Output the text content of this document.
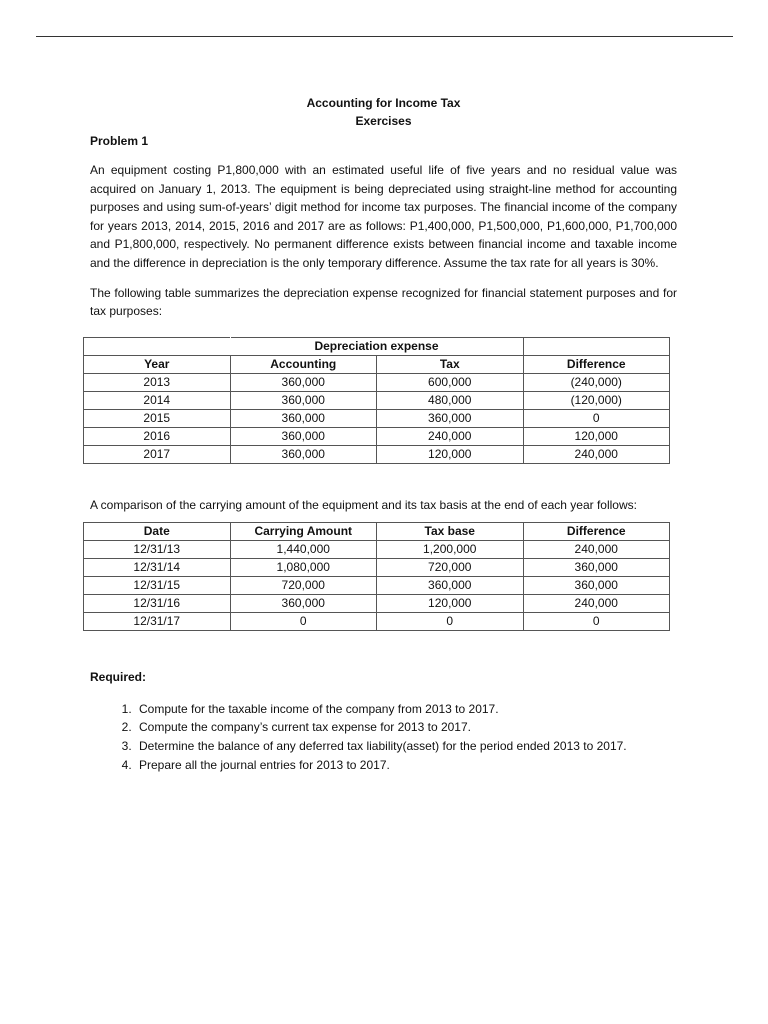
Accounting for Income Tax
Exercises
Problem 1

An equipment costing P1,800,000 with an estimated useful life of five years and no residual value was acquired on January 1, 2013. The equipment is being depreciated using straight-line method for accounting purposes and using sum-of-years’ digit method for income tax purposes. The financial income of the company for years 2013, 2014, 2015, 2016 and 2017 are as follows: P1,400,000, P1,500,000, P1,600,000, P1,700,000 and P1,800,000, respectively. No permanent difference exists between financial income and taxable income and the difference in depreciation is the only temporary difference. Assume the tax rate for all years is 30%.

The following table summarizes the depreciation expense recognized for financial statement purposes and for tax purposes:

	Depreciation expense		
Year	Accounting	Tax	Difference
2013	360,000	600,000	(240,000)
2014	360,000	480,000	(120,000)
2015	360,000	360,000	0
2016	360,000	240,000	120,000
2017	360,000	120,000	240,000

A comparison of the carrying amount of the equipment and its tax basis at the end of each year follows:

Date	Carrying Amount	Tax base	Difference
12/31/13	1,440,000	1,200,000	240,000
12/31/14	1,080,000	720,000	360,000
12/31/15	720,000	360,000	360,000
12/31/16	360,000	120,000	240,000
12/31/17	0	0	0
Required:
1. Compute for the taxable income of the company from 2013 to 2017.
2. Compute the company’s current tax expense for 2013 to 2017.
3. Determine the balance of any deferred tax liability(asset) for the period ended 2013 to 2017.
4. Prepare all the journal entries for 2013 to 2017.
